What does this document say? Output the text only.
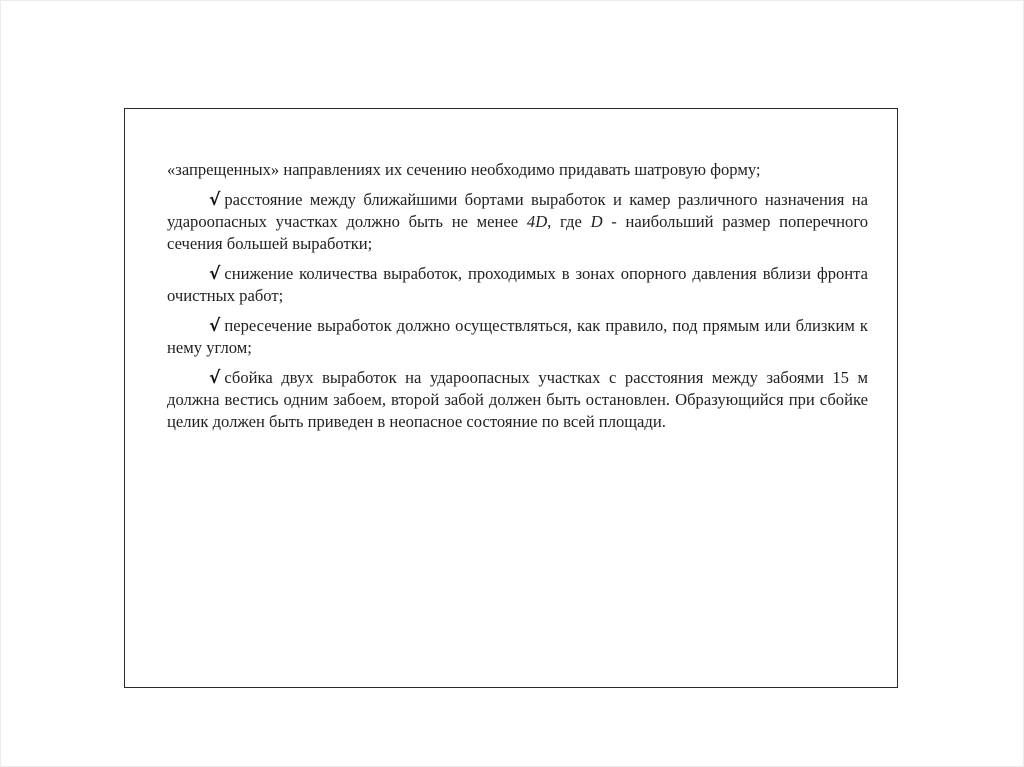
«запрещенных» направлениях их сечению необходимо придавать шатровую форму;

√ расстояние между ближайшими бортами выработок и камер различного назначения на удароопасных участках должно быть не менее 4D, где D - наибольший размер поперечного сечения большей выработки;

√ снижение количества выработок, проходимых в зонах опорного давления вблизи фронта очистных работ;

√ пересечение выработок должно осуществляться, как правило, под прямым или близким к нему углом;

√ сбойка двух выработок на удароопасных участках с расстояния между забоями 15 м должна вестись одним забоем, второй забой должен быть остановлен. Образующийся при сбойке целик должен быть приведен в неопасное состояние по всей площади.
